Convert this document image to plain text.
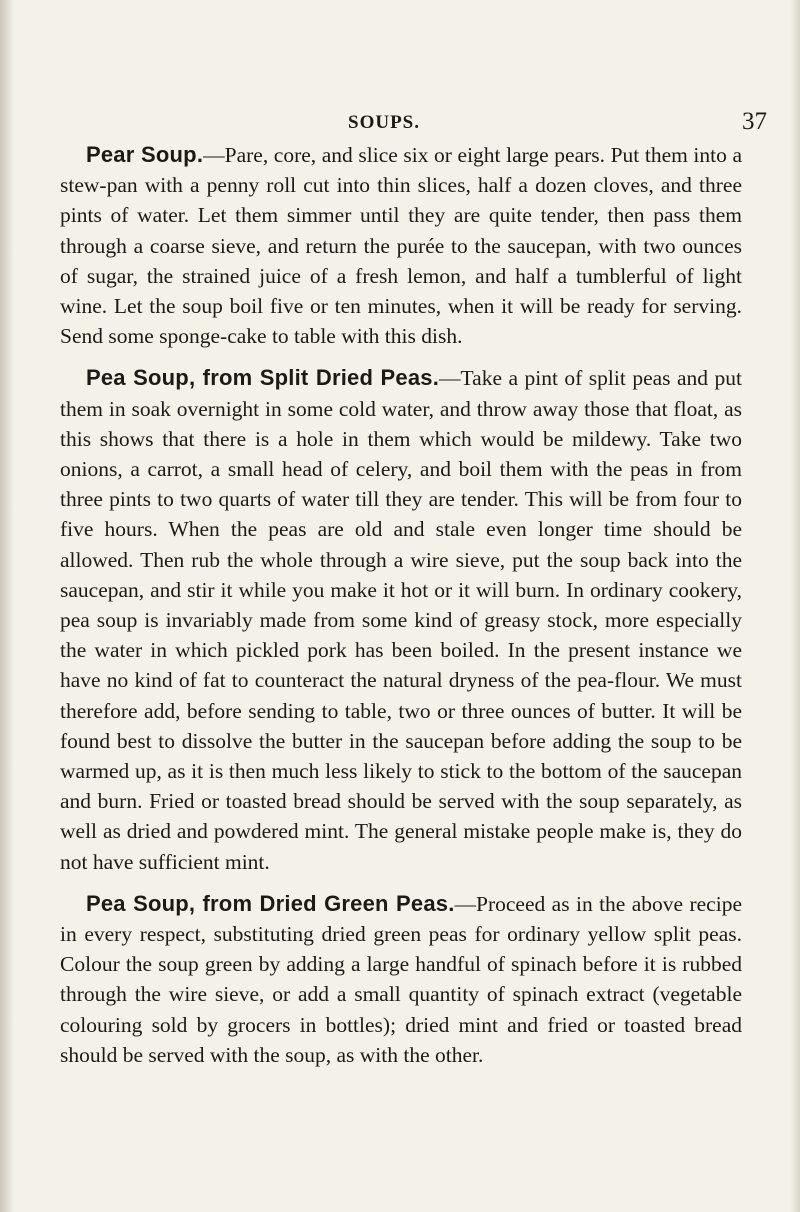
SOUPS.	37

Pear Soup.—Pare, core, and slice six or eight large pears. Put them into a stew-pan with a penny roll cut into thin slices, half a dozen cloves, and three pints of water. Let them simmer until they are quite tender, then pass them through a coarse sieve, and return the purée to the saucepan, with two ounces of sugar, the strained juice of a fresh lemon, and half a tumblerful of light wine. Let the soup boil five or ten minutes, when it will be ready for serving. Send some sponge-cake to table with this dish.

Pea Soup, from Split Dried Peas.—Take a pint of split peas and put them in soak overnight in some cold water, and throw away those that float, as this shows that there is a hole in them which would be mildewy. Take two onions, a carrot, a small head of celery, and boil them with the peas in from three pints to two quarts of water till they are tender. This will be from four to five hours. When the peas are old and stale even longer time should be allowed. Then rub the whole through a wire sieve, put the soup back into the saucepan, and stir it while you make it hot or it will burn. In ordinary cookery, pea soup is invariably made from some kind of greasy stock, more especially the water in which pickled pork has been boiled. In the present instance we have no kind of fat to counteract the natural dryness of the pea-flour. We must therefore add, before sending to table, two or three ounces of butter. It will be found best to dissolve the butter in the saucepan before adding the soup to be warmed up, as it is then much less likely to stick to the bottom of the saucepan and burn. Fried or toasted bread should be served with the soup separately, as well as dried and powdered mint. The general mistake people make is, they do not have sufficient mint.

Pea Soup, from Dried Green Peas.—Proceed as in the above recipe in every respect, substituting dried green peas for ordinary yellow split peas. Colour the soup green by adding a large handful of spinach before it is rubbed through the wire sieve, or add a small quantity of spinach extract (vegetable colouring sold by grocers in bottles); dried mint and fried or toasted bread should be served with the soup, as with the other.
